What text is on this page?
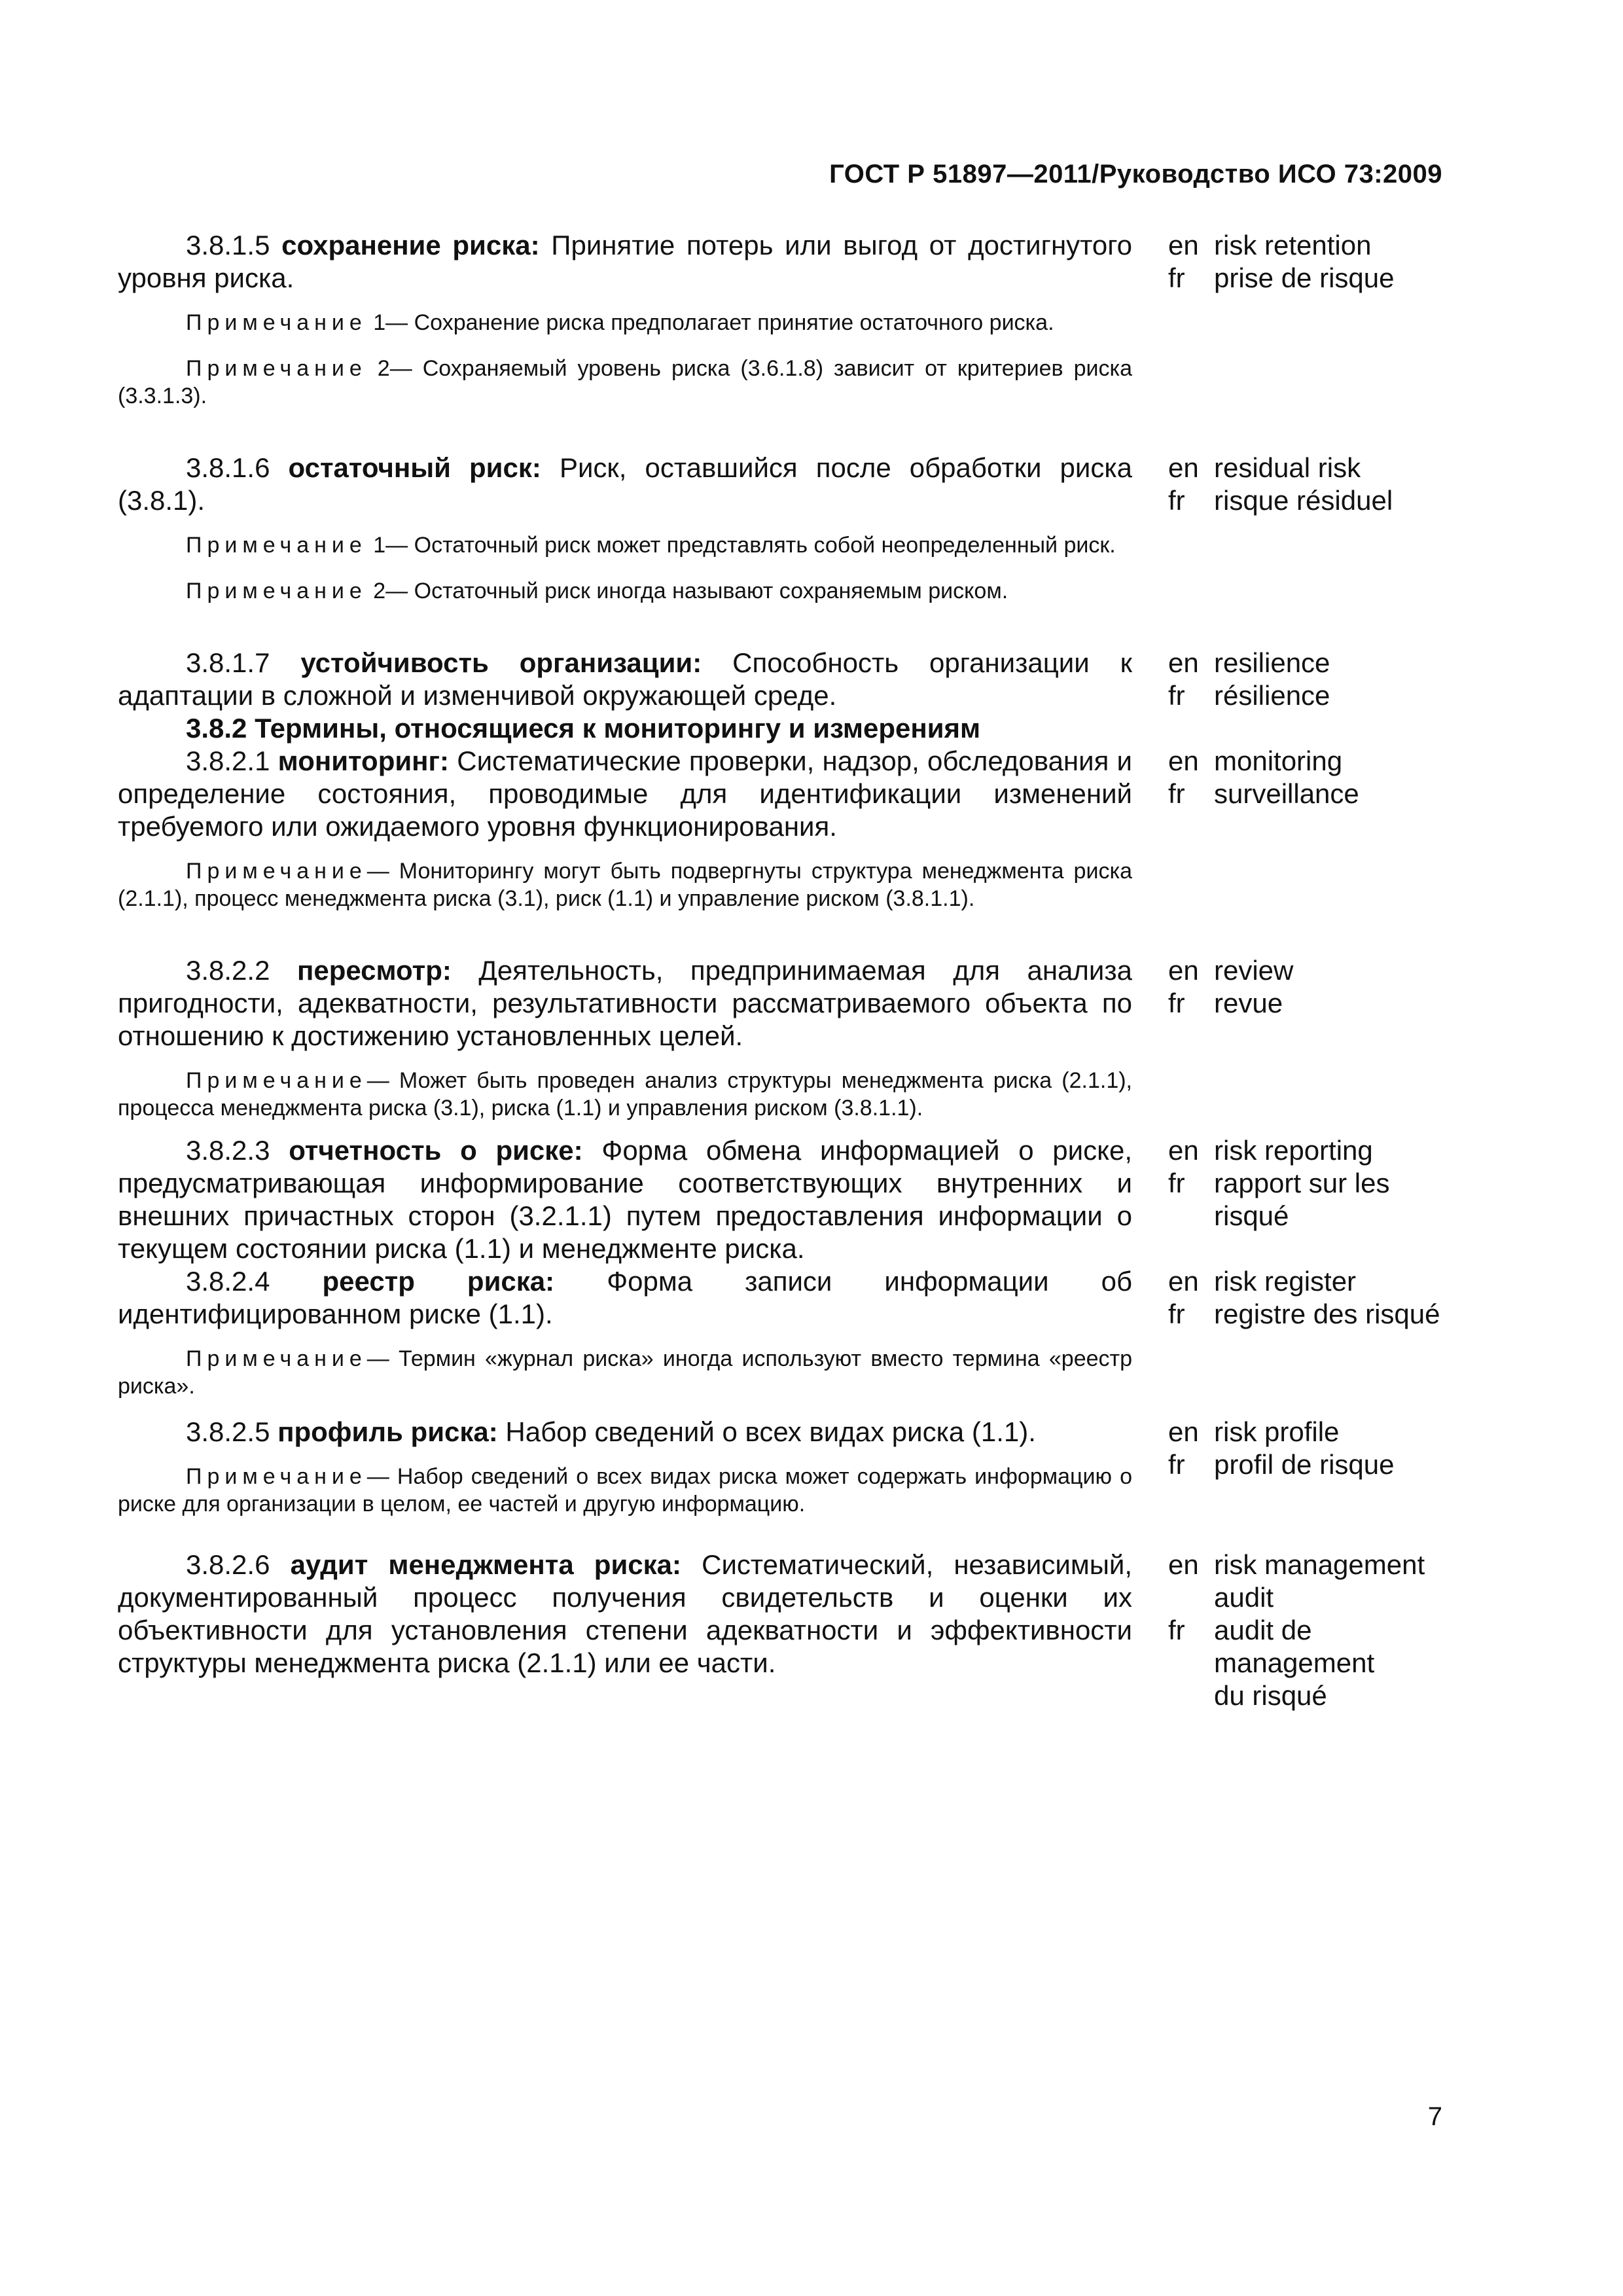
ГОСТ Р 51897—2011/Руководство ИСО 73:2009
3.8.1.5 сохранение риска: Принятие потерь или выгод от достигнутого уровня риска.
Примечание 1— Сохранение риска предполагает принятие остаточного риска.
Примечание 2— Сохраняемый уровень риска (3.6.1.8) зависит от критериев риска (3.3.1.3).
en risk retention
fr	prise de risque
3.8.1.6 остаточный риск: Риск, оставшийся после обработки риска (3.8.1).
Примечание 1— Остаточный риск может представлять собой неопределенный риск.
Примечание 2— Остаточный риск иногда называют сохраняемым риском.
en residual risk
fr	risque résiduel
3.8.1.7 устойчивость организации: Способность организации к адаптации в сложной и изменчивой окружающей среде.
en resilience
fr	résilience
3.8.2 Термины, относящиеся к мониторингу и измерениям
3.8.2.1 мониторинг: Систематические проверки, надзор, обследования и определение состояния, проводимые для идентификации изменений требуемого или ожидаемого уровня функционирования.
Примечание— Мониторингу могут быть подвергнуты структура менеджмента риска (2.1.1), процесс менеджмента риска (3.1), риск (1.1) и управление риском (3.8.1.1).
en monitoring
fr	surveillance
3.8.2.2 пересмотр: Деятельность, предпринимаемая для анализа пригодности, адекватности, результативности рассматриваемого объекта по отношению к достижению установленных целей.
Примечание— Может быть проведен анализ структуры менеджмента риска (2.1.1), процесса менеджмента риска (3.1), риска (1.1) и управления риском (3.8.1.1).
en review
fr	revue
3.8.2.3 отчетность о риске: Форма обмена информацией о риске, предусматривающая информирование соответствующих внутренних и внешних причастных сторон (3.2.1.1) путем предоставления информации о текущем состоянии риска (1.1) и менеджменте риска.
en risk reporting
fr	rapport sur les risqué
3.8.2.4 реестр риска: Форма записи информации об идентифицированном риске (1.1).
Примечание— Термин «журнал риска» иногда используют вместо термина «реестр риска».
en risk register
fr	registre des risqué
3.8.2.5 профиль риска: Набор сведений о всех видах риска (1.1).
Примечание— Набор сведений о всех видах риска может содержать информацию о риске для организации в целом, ее частей и другую информацию.
en risk profile
fr	profil de risque
3.8.2.6 аудит менеджмента риска: Систематический, независимый, документированный процесс получения свидетельств и оценки их объективности для установления степени адекватности и эффективности структуры менеджмента риска (2.1.1) или ее части.
en risk management audit
fr	audit de management du risqué
7
